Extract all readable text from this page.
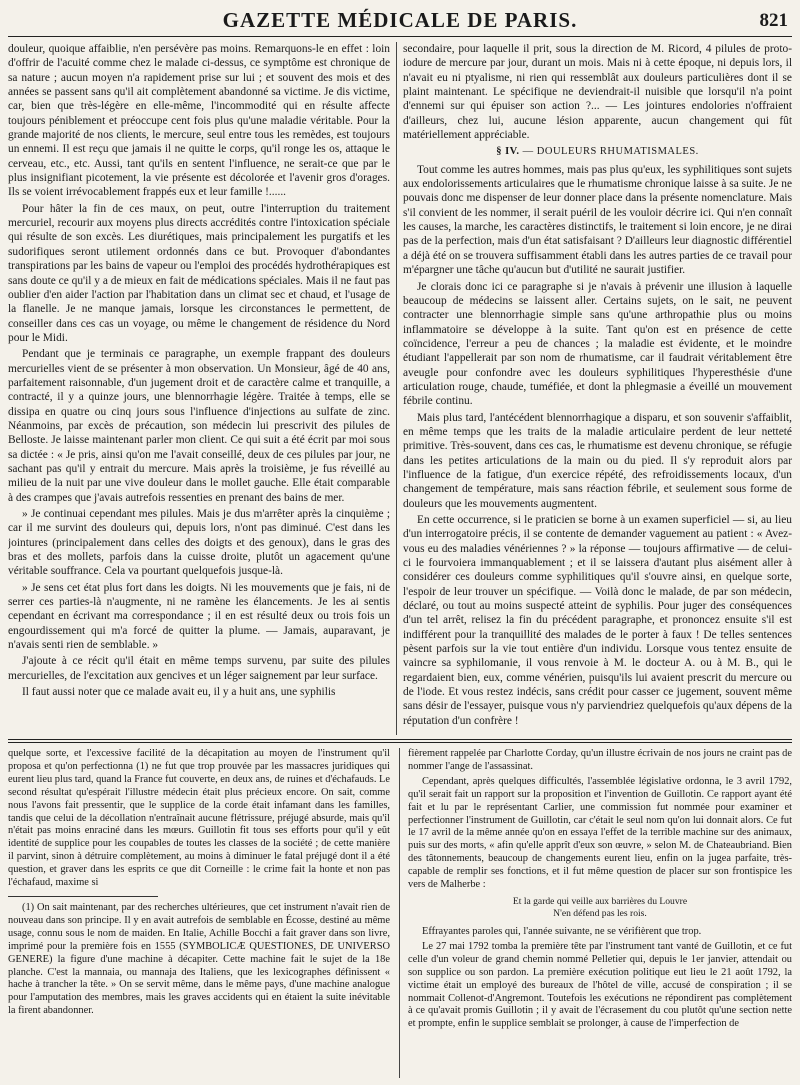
GAZETTE MÉDICALE DE PARIS.	821

douleur, quoique affaiblie, n'en persévère pas moins. Remarquons-le en effet : loin d'offrir de l'acuité comme chez le malade ci-dessus, ce symptôme est chronique de sa nature ; aucun moyen n'a rapidement prise sur lui ; et souvent des mois et des années se passent sans qu'il ait complètement abandonné sa victime. Je dis victime, car, bien que très-légère en elle-même, l'incommodité qui en résulte affecte toujours péniblement et préoccupe cent fois plus qu'une maladie véritable. Pour la grande majorité de nos clients, le mercure, seul entre tous les remèdes, est toujours un ennemi. Il est reçu que jamais il ne quitte le corps, qu'il ronge les os, attaque le cerveau, etc., etc. Aussi, tant qu'ils en sentent l'influence, ne serait-ce que par le plus insignifiant picotement, la vie présente est décolorée et l'avenir gros d'orages. Ils se voient irrévocablement frappés eux et leur famille !......

Pour hâter la fin de ces maux, on peut, outre l'interruption du traitement mercuriel, recourir aux moyens plus directs accrédités contre l'intoxication spéciale qui résulte de son excès. Les diurétiques, mais principalement les purgatifs et les sudorifiques seront utilement ordonnés dans ce but. Provoquer d'abondantes transpirations par les bains de vapeur ou l'emploi des procédés hydrothérapiques est sans doute ce qu'il y a de mieux en fait de médications spéciales. Mais il ne faut pas oublier d'en aider l'action par l'habitation dans un climat sec et chaud, et l'usage de la flanelle. Je ne manque jamais, lorsque les circonstances le permettent, de conseiller dans ces cas un voyage, ou même le changement de résidence du Nord pour le Midi.

Pendant que je terminais ce paragraphe, un exemple frappant des douleurs mercurielles vient de se présenter à mon observation. Un Monsieur, âgé de 40 ans, parfaitement raisonnable, d'un jugement droit et de caractère calme et tranquille, a contracté, il y a quinze jours, une blennorrhagie légère. Traitée à temps, elle se dissipa en quatre ou cinq jours sous l'influence d'injections au sulfate de zinc. Néanmoins, par excès de précaution, son médecin lui prescrivit des pilules de Belloste. Je laisse maintenant parler mon client. Ce qui suit a été écrit par moi sous sa dictée : « Je pris, ainsi qu'on me l'avait conseillé, deux de ces pilules par jour, ne sachant pas qu'il y entrait du mercure. Mais après la troisième, je fus réveillé au milieu de la nuit par une vive douleur dans le mollet gauche. Elle était comparable à des crampes que j'avais autrefois ressenties en prenant des bains de mer.

» Je continuai cependant mes pilules. Mais je dus m'arrêter après la cinquième ; car il me survint des douleurs qui, depuis lors, n'ont pas diminué. C'est dans les jointures (principalement dans celles des doigts et des genoux), dans le gras des bras et des mollets, parfois dans la cuisse droite, plutôt un agacement qu'une véritable souffrance. Cela va pourtant quelquefois jusque-là.

» Je sens cet état plus fort dans les doigts. Ni les mouvements que je fais, ni de serrer ces parties-là n'augmente, ni ne ramène les élancements. Je les ai sentis cependant en écrivant ma correspondance ; il en est résulté deux ou trois fois un engourdissement qui m'a forcé de quitter la plume. — Jamais, auparavant, je n'avais senti rien de semblable. »

J'ajoute à ce récit qu'il était en même temps survenu, par suite des pilules mercurielles, de l'excitation aux gencives et un léger saignement par leur surface.

Il faut aussi noter que ce malade avait eu, il y a huit ans, une syphilis

secondaire, pour laquelle il prit, sous la direction de M. Ricord, 4 pilules de proto-iodure de mercure par jour, durant un mois. Mais ni à cette époque, ni depuis lors, il n'avait eu ni ptyalisme, ni rien qui ressemblât aux douleurs particulières dont il se plaint maintenant. Le spécifique ne deviendrait-il nuisible que lorsqu'il n'a point d'ennemi sur qui épuiser son action ?... — Les jointures endolories n'offraient d'ailleurs, chez lui, aucune lésion apparente, aucun changement qui fût matériellement appréciable.

§ IV. — DOULEURS RHUMATISMALES.

Tout comme les autres hommes, mais pas plus qu'eux, les syphilitiques sont sujets aux endolorissements articulaires que le rhumatisme chronique laisse à sa suite. Je ne pouvais donc me dispenser de leur donner place dans la présente nomenclature. Mais s'il convient de les nommer, il serait puéril de les vouloir décrire ici. Qui n'en connaît les causes, la marche, les caractères distinctifs, le traitement si loin encore, je ne dirai pas de la perfection, mais d'un état satisfaisant ? D'ailleurs leur diagnostic différentiel a déjà été on se trouvera suffisamment établi dans les autres parties de ce travail pour m'épargner une tâche qu'aucun but d'utilité ne saurait justifier.

Je clorais donc ici ce paragraphe si je n'avais à prévenir une illusion à laquelle beaucoup de médecins se laissent aller. Certains sujets, on le sait, ne peuvent contracter une blennorrhagie simple sans qu'une arthropathie plus ou moins inflammatoire se développe à la suite. Tant qu'on est en présence de cette coïncidence, l'erreur a peu de chances ; la maladie est évidente, et le moindre étudiant l'appellerait par son nom de rhumatisme, car il faudrait véritablement être aveugle pour confondre avec les douleurs syphilitiques l'hyperesthésie d'une articulation rouge, chaude, tuméfiée, et dont la phlegmasie a éveillé un mouvement fébrile continu.

Mais plus tard, l'antécédent blennorrhagique a disparu, et son souvenir s'affaiblit, en même temps que les traits de la maladie articulaire perdent de leur netteté primitive. Très-souvent, dans ces cas, le rhumatisme est devenu chronique, se réfugie dans les petites articulations de la main ou du pied. Il s'y reproduit alors par l'influence de la fatigue, d'un exercice répété, des refroidissements locaux, d'un changement de température, mais sans réaction fébrile, et seulement sous forme de douleurs que les mouvements augmentent.

En cette occurrence, si le praticien se borne à un examen superficiel — si, au lieu d'un interrogatoire précis, il se contente de demander vaguement au patient : « Avez-vous eu des maladies vénériennes ? » la réponse — toujours affirmative — de celui-ci le fourvoiera immanquablement ; et il se laissera d'autant plus aisément aller à considérer ces douleurs comme syphilitiques qu'il s'ouvre ainsi, en quelque sorte, l'espoir de leur trouver un spécifique. — Voilà donc le malade, de par son médecin, déclaré, ou tout au moins suspecté atteint de syphilis. Pour juger des conséquences d'un tel arrêt, relisez la fin du précédent paragraphe, et prononcez ensuite s'il est indifférent pour la tranquillité des malades de le porter à faux ! De telles sentences pèsent parfois sur la vie tout entière d'un individu. Lorsque vous tentez ensuite de vaincre sa syphilomanie, il vous renvoie à M. le docteur A. ou à M. B., qui le regardaient bien, eux, comme vénérien, puisqu'ils lui avaient prescrit du mercure ou de l'iode. Et vous restez indécis, sans crédit pour casser ce jugement, souvent même sans désir de l'essayer, puisque vous n'y parviendriez quelquefois qu'aux dépens de la réputation d'un confrère !

quelque sorte, et l'excessive facilité de la décapitation au moyen de l'instrument qu'il proposa et qu'on perfectionna (1) ne fut que trop prouvée par les massacres juridiques qui eurent lieu plus tard, quand la France fut couverte, en deux ans, de ruines et d'échafauds. Le second résultat qu'espérait l'illustre médecin était plus précieux encore. On sait, comme nous l'avons fait pressentir, que le supplice de la corde était infamant dans les familles, tandis que celui de la décollation n'entraînait aucune flétrissure, préjugé absurde, mais qu'il n'était pas moins enraciné dans les mœurs. Guillotin fit tous ses efforts pour qu'il y eût identité de supplice pour les coupables de toutes les classes de la société ; de cette manière il parvint, sinon à détruire complètement, au moins à diminuer le fatal préjugé dont il a été question, et graver dans les esprits ce que dit Corneille : le crime fait la honte et non pas l'échafaud, maxime si

(1) On sait maintenant, par des recherches ultérieures, que cet instrument n'avait rien de nouveau dans son principe. Il y en avait autrefois de semblable en Écosse, destiné au même usage, connu sous le nom de maiden. En Italie, Achille Bocchi a fait graver dans son livre, imprimé pour la première fois en 1555 (SYMBOLICÆ QUESTIONES, DE UNIVERSO GENERE) la figure d'une machine à décapiter. Cette machine fait le sujet de la 18e planche. C'est la mannaia, ou mannaja des Italiens, que les lexicographes définissent « hache à trancher la tête. » On se servit même, dans le même pays, d'une machine analogue pour l'amputation des membres, mais les graves accidents qui en étaient la suite inévitable la firent abandonner.

fièrement rappelée par Charlotte Corday, qu'un illustre écrivain de nos jours ne craint pas de nommer l'ange de l'assassinat.

Cependant, après quelques difficultés, l'assemblée législative ordonna, le 3 avril 1792, qu'il serait fait un rapport sur la proposition et l'invention de Guillotin. Ce rapport ayant été fait et lu par le représentant Carlier, une commission fut nommée pour examiner et perfectionner l'instrument de Guillotin, car c'était le seul nom qu'on lui donnait alors. Ce fut le 17 avril de la même année qu'on en essaya l'effet de la terrible machine sur des animaux, puis sur des morts, « afin qu'elle apprît d'eux son œuvre, » selon M. de Chateaubriand. Bien des tâtonnements, beaucoup de changements eurent lieu, enfin on la jugea parfaite, très-capable de remplir ses fonctions, et il fut même question de placer sur son frontispice les vers de Malherbe :

Et la garde qui veille aux barrières du Louvre
N'en défend pas les rois.

Effrayantes paroles qui, l'année suivante, ne se vérifièrent que trop.

Le 27 mai 1792 tomba la première tête par l'instrument tant vanté de Guillotin, et ce fut celle d'un voleur de grand chemin nommé Pelletier qui, depuis le 1er janvier, attendait ou son supplice ou son pardon. La première exécution politique eut lieu le 21 août 1792, la victime était un employé des bureaux de l'hôtel de ville, accusé de conspiration ; il se nommait Collenot-d'Angremont. Toutefois les exécutions ne répondirent pas complètement à ce qu'avait promis Guillotin ; il y avait de l'écrasement du cou plutôt qu'une section nette et prompte, enfin le supplice semblait se prolonger, à cause de l'imperfection de
